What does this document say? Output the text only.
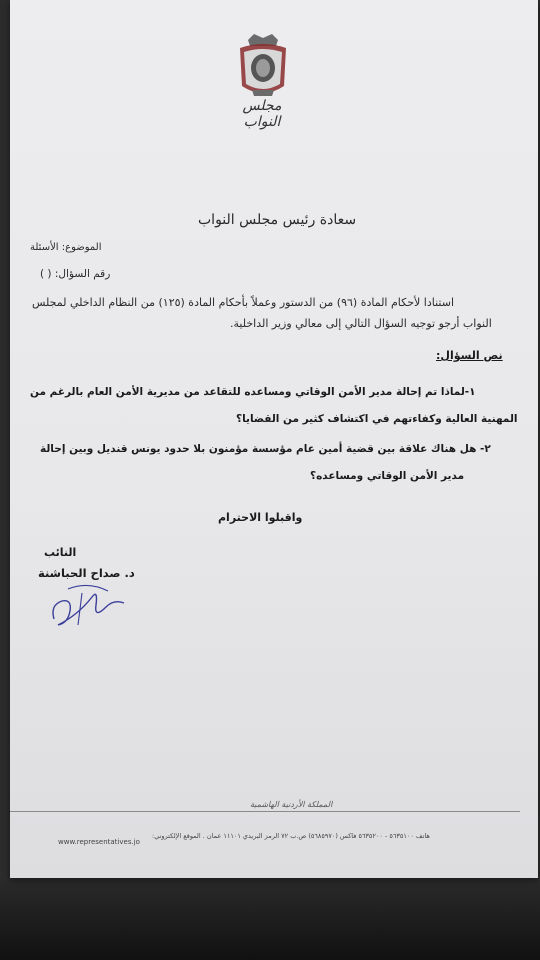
مجلس النواب
سعادة رئيس مجلس النواب
الموضوع: الأسئلة
رقم السؤال: ( )
استنادا لأحكام المادة (٩٦) من الدستور وعملاً بأحكام المادة (١٢٥) من النظام الداخلي لمجلس
النواب أرجو توجيه السؤال التالي إلى معالي وزير الداخلية.
نص السؤال:
١-لماذا تم إحالة مدير الأمن الوقاتي ومساعده للتقاعد من مديرية الأمن العام بالرغم من
المهنية العالية وكفاءتهم في اكتشاف كثير من القضايا؟
٢- هل هناك علاقة بين قضية أمين عام مؤسسة مؤمنون بلا حدود يونس قنديل وبين إحالة
مدير الأمن الوقاتي ومساعده؟
واقبلوا الاحترام
النائب
د. صداح الحباشنة
المملكة الأردنية الهاشمية
هاتف ٥٦٣٥١٠٠ - ٥٦٣٥٢٠٠ فاكس (٥٦٨٥٩٧٠) ص.ب ٧٢ الرمز البريدي ١١١٠١ عمان . الموقع الإلكتروني:
www.representatives.jo
